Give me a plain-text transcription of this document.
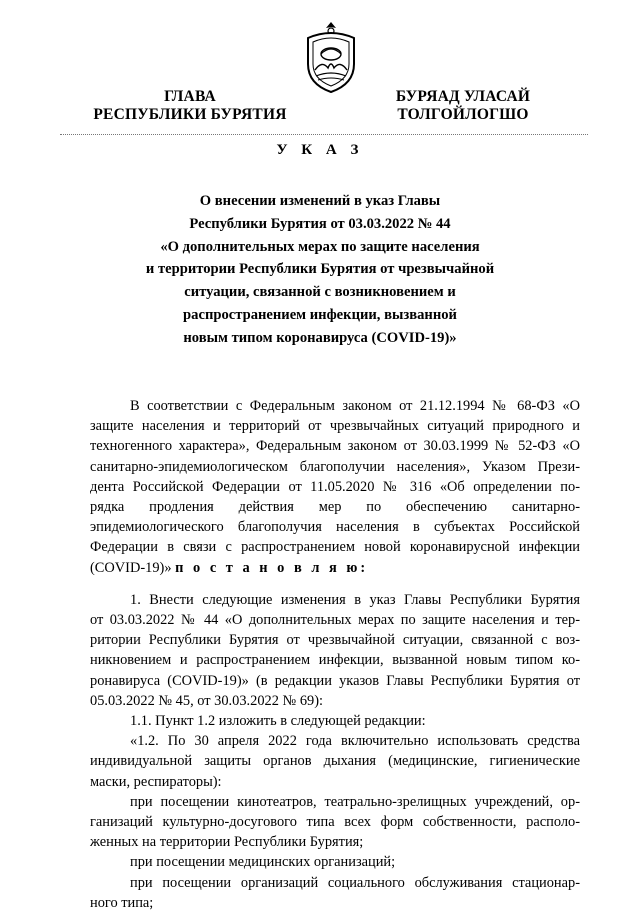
ГЛАВА
РЕСПУБЛИКИ БУРЯТИЯ
БУРЯАД УЛАСАЙ
ТОЛГОЙЛОГШО
У К А З
О внесении изменений в указ Главы
Республики Бурятия от 03.03.2022 № 44
«О дополнительных мерах по защите населения
и территории Республики Бурятия от чрезвычайной
ситуации, связанной с возникновением и
распространением инфекции, вызванной
новым типом коронавируса (COVID-19)»
В соответствии с Федеральным законом от 21.12.1994 № 68-ФЗ «О
защите населения и территорий от чрезвычайных ситуаций природного и
техногенного характера», Федеральным законом от 30.03.1999 № 52-ФЗ «О
санитарно-эпидемиологическом благополучии населения», Указом Прези-
дента Российской Федерации от 11.05.2020 № 316 «Об определении по-
рядка продления действия мер по обеспечению санитарно-
эпидемиологического благополучия населения в субъектах Российской
Федерации в связи с распространением новой коронавирусной инфекции
(COVID-19)» п о с т а н о в л я ю:
1. Внести следующие изменения в указ Главы Республики Бурятия
от 03.03.2022 № 44 «О дополнительных мерах по защите населения и тер-
ритории Республики Бурятия от чрезвычайной ситуации, связанной с воз-
никновением и распространением инфекции, вызванной новым типом ко-
ронавируса (COVID-19)» (в редакции указов Главы Республики Бурятия от
05.03.2022 № 45, от 30.03.2022 № 69):
1.1. Пункт 1.2 изложить в следующей редакции:
«1.2. По 30 апреля 2022 года включительно использовать средства
индивидуальной защиты органов дыхания (медицинские, гигиенические
маски, респираторы):
при посещении кинотеатров, театрально-зрелищных учреждений, ор-
ганизаций культурно-досугового типа всех форм собственности, располо-
женных на территории Республики Бурятия;
при посещении медицинских организаций;
при посещении организаций социального обслуживания стационар-
ного типа;
